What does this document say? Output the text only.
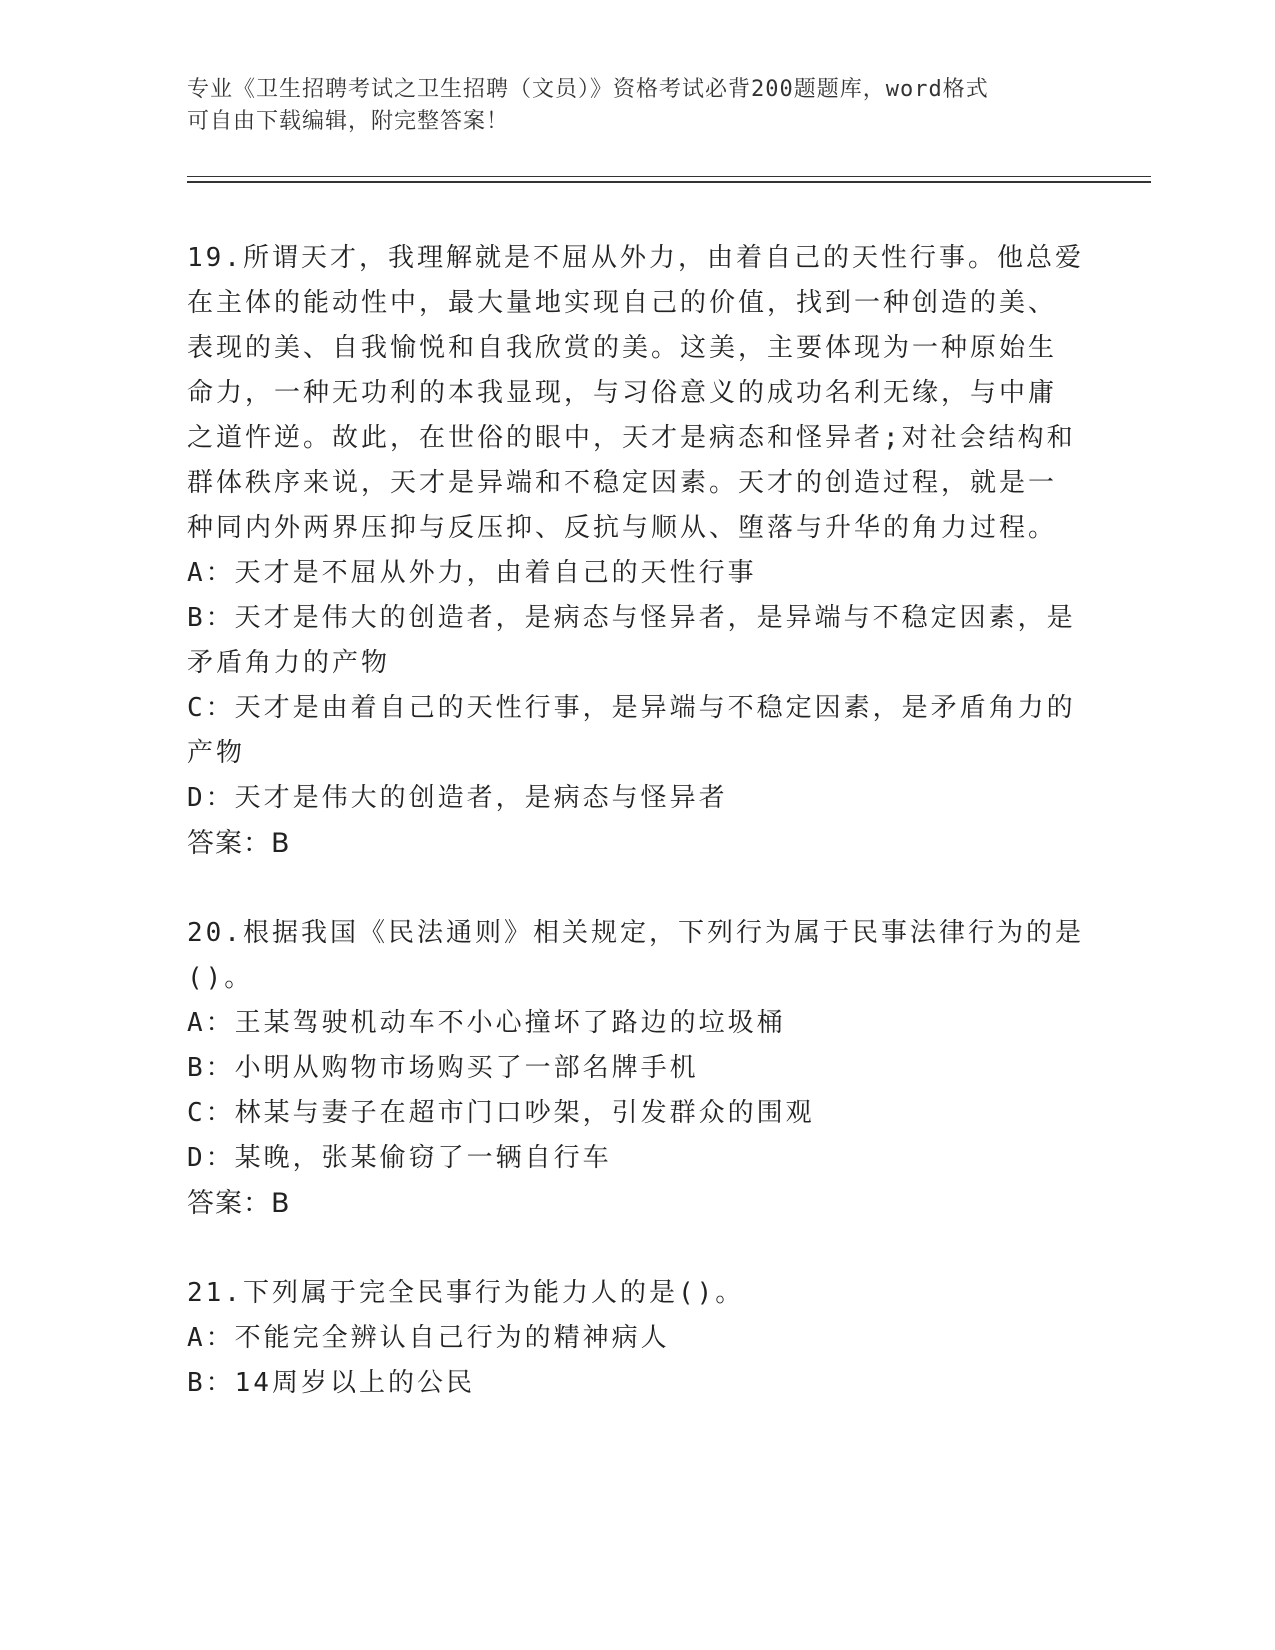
专业《卫生招聘考试之卫生招聘（文员）》资格考试必背200题题库，word格式
可自由下载编辑，附完整答案！
19.所谓天才，我理解就是不屈从外力，由着自己的天性行事。他总爱
在主体的能动性中，最大量地实现自己的价值，找到一种创造的美、
表现的美、自我愉悦和自我欣赏的美。这美，主要体现为一种原始生
命力，一种无功利的本我显现，与习俗意义的成功名利无缘，与中庸
之道忤逆。故此，在世俗的眼中，天才是病态和怪异者;对社会结构和
群体秩序来说，天才是异端和不稳定因素。天才的创造过程，就是一
种同内外两界压抑与反压抑、反抗与顺从、堕落与升华的角力过程。
A：天才是不屈从外力，由着自己的天性行事
B：天才是伟大的创造者，是病态与怪异者，是异端与不稳定因素，是
矛盾角力的产物
C：天才是由着自己的天性行事，是异端与不稳定因素，是矛盾角力的
产物
D：天才是伟大的创造者，是病态与怪异者
答案：B
20.根据我国《民法通则》相关规定，下列行为属于民事法律行为的是
()。
A：王某驾驶机动车不小心撞坏了路边的垃圾桶
B：小明从购物市场购买了一部名牌手机
C：林某与妻子在超市门口吵架，引发群众的围观
D：某晚，张某偷窃了一辆自行车
答案：B
21.下列属于完全民事行为能力人的是()。
A：不能完全辨认自己行为的精神病人
B：14周岁以上的公民
